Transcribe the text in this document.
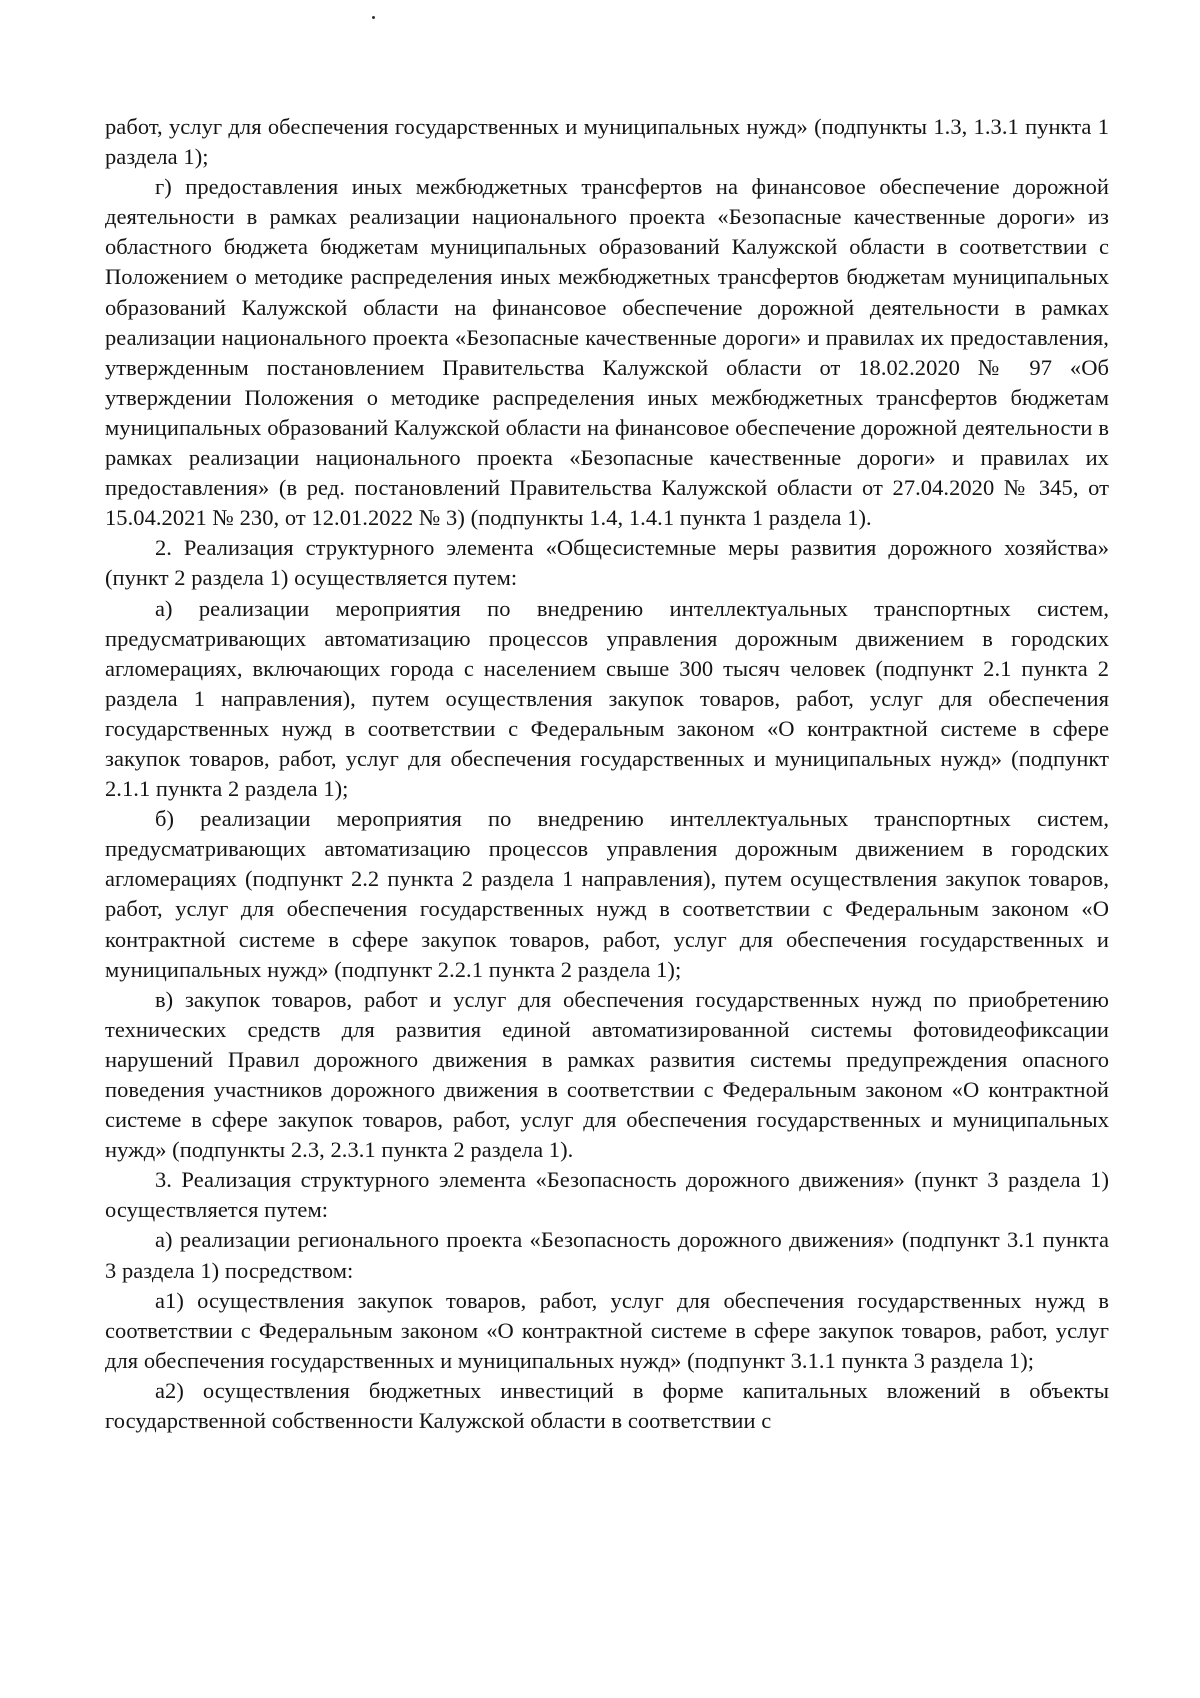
работ, услуг для обеспечения государственных и муниципальных нужд» (подпункты 1.3, 1.3.1 пункта 1 раздела 1);

г) предоставления иных межбюджетных трансфертов на финансовое обеспечение дорожной деятельности в рамках реализации национального проекта «Безопасные качественные дороги» из областного бюджета бюджетам муниципальных образований Калужской области в соответствии с Положением о методике распределения иных межбюджетных трансфертов бюджетам муниципальных образований Калужской области на финансовое обеспечение дорожной деятельности в рамках реализации национального проекта «Безопасные качественные дороги» и правилах их предоставления, утвержденным постановлением Правительства Калужской области от 18.02.2020 № 97 «Об утверждении Положения о методике распределения иных межбюджетных трансфертов бюджетам муниципальных образований Калужской области на финансовое обеспечение дорожной деятельности в рамках реализации национального проекта «Безопасные качественные дороги» и правилах их предоставления» (в ред. постановлений Правительства Калужской области от 27.04.2020 № 345, от 15.04.2021 № 230, от 12.01.2022 № 3) (подпункты 1.4, 1.4.1 пункта 1 раздела 1).

2. Реализация структурного элемента «Общесистемные меры развития дорожного хозяйства» (пункт 2 раздела 1) осуществляется путем:

а) реализации мероприятия по внедрению интеллектуальных транспортных систем, предусматривающих автоматизацию процессов управления дорожным движением в городских агломерациях, включающих города с населением свыше 300 тысяч человек (подпункт 2.1 пункта 2 раздела 1 направления), путем осуществления закупок товаров, работ, услуг для обеспечения государственных нужд в соответствии с Федеральным законом «О контрактной системе в сфере закупок товаров, работ, услуг для обеспечения государственных и муниципальных нужд» (подпункт 2.1.1 пункта 2 раздела 1);

б) реализации мероприятия по внедрению интеллектуальных транспортных систем, предусматривающих автоматизацию процессов управления дорожным движением в городских агломерациях (подпункт 2.2 пункта 2 раздела 1 направления), путем осуществления закупок товаров, работ, услуг для обеспечения государственных нужд в соответствии с Федеральным законом «О контрактной системе в сфере закупок товаров, работ, услуг для обеспечения государственных и муниципальных нужд» (подпункт 2.2.1 пункта 2 раздела 1);

в) закупок товаров, работ и услуг для обеспечения государственных нужд по приобретению технических средств для развития единой автоматизированной системы фотовидеофиксации нарушений Правил дорожного движения в рамках развития системы предупреждения опасного поведения участников дорожного движения в соответствии с Федеральным законом «О контрактной системе в сфере закупок товаров, работ, услуг для обеспечения государственных и муниципальных нужд» (подпункты 2.3, 2.3.1 пункта 2 раздела 1).

3. Реализация структурного элемента «Безопасность дорожного движения» (пункт 3 раздела 1) осуществляется путем:

а) реализации регионального проекта «Безопасность дорожного движения» (подпункт 3.1 пункта 3 раздела 1) посредством:

а1) осуществления закупок товаров, работ, услуг для обеспечения государственных нужд в соответствии с Федеральным законом «О контрактной системе в сфере закупок товаров, работ, услуг для обеспечения государственных и муниципальных нужд» (подпункт 3.1.1 пункта 3 раздела 1);

а2) осуществления бюджетных инвестиций в форме капитальных вложений в объекты государственной собственности Калужской области в соответствии с
